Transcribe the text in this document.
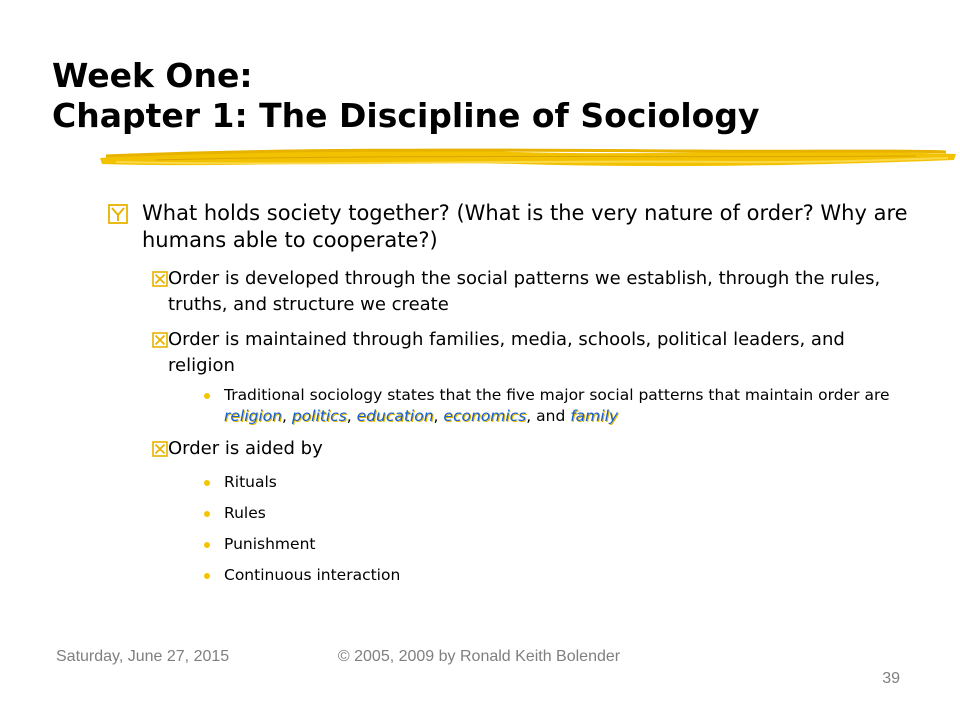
Week One:
Chapter 1: The Discipline of Sociology
What holds society together? (What is the very nature of order? Why are humans able to cooperate?)
Order is developed through the social patterns we establish, through the rules, truths, and structure we create
Order is maintained through families, media, schools, political leaders, and religion
Traditional sociology states that the five major social patterns that maintain order are religion, politics, education, economics, and family
Order is aided by
Rituals
Rules
Punishment
Continuous interaction
Saturday, June 27, 2015	© 2005, 2009 by Ronald Keith Bolender
39
